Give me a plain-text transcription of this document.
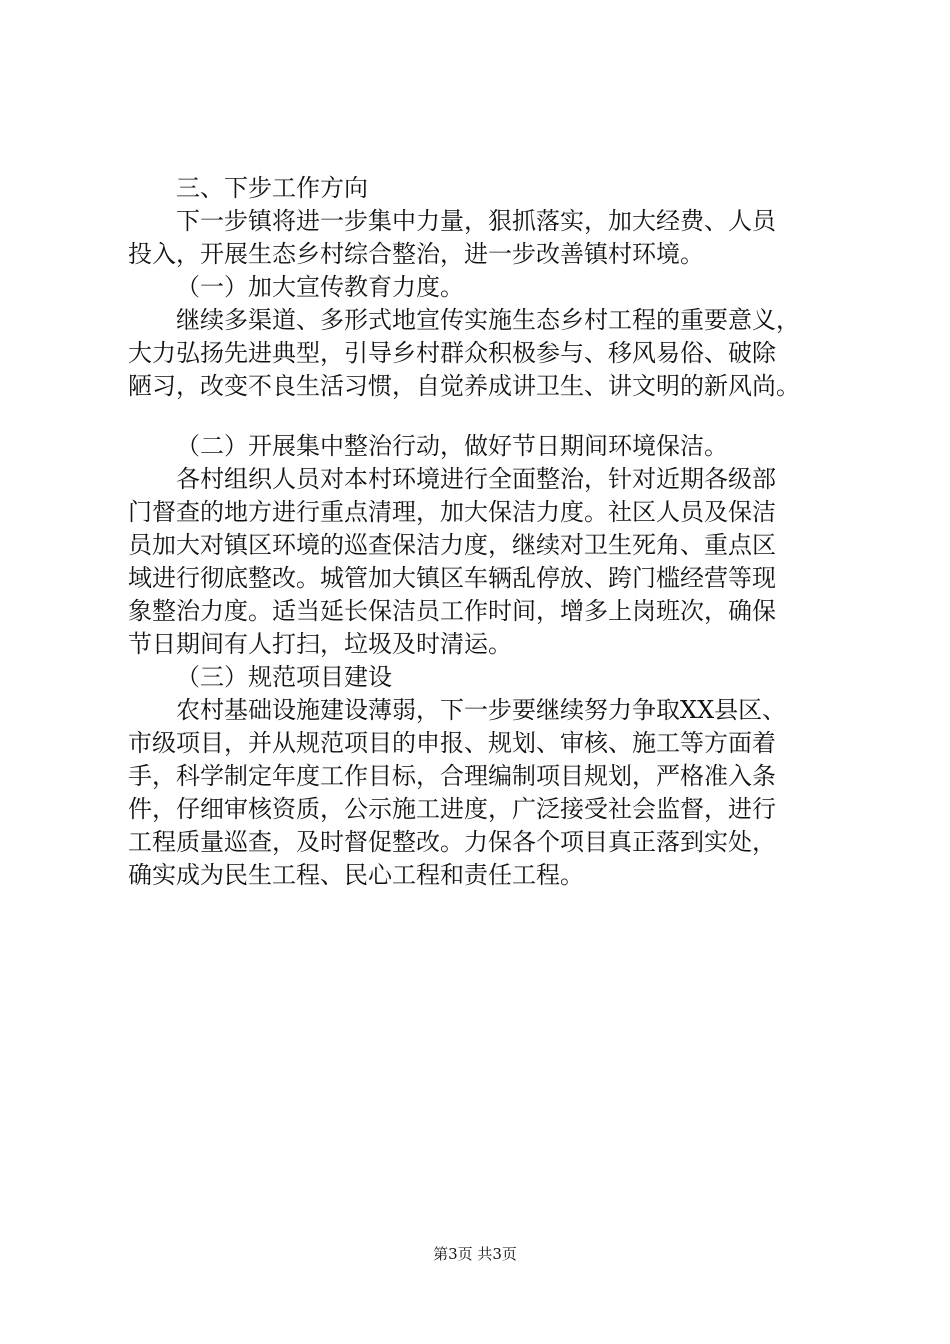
三、下步工作方向
下一步镇将进一步集中力量，狠抓落实，加大经费、人员
投入，开展生态乡村综合整治，进一步改善镇村环境。
（一）加大宣传教育力度。
继续多渠道、多形式地宣传实施生态乡村工程的重要意义，
大力弘扬先进典型，引导乡村群众积极参与、移风易俗、破除
陋习，改变不良生活习惯，自觉养成讲卫生、讲文明的新风尚。
（二）开展集中整治行动，做好节日期间环境保洁。
各村组织人员对本村环境进行全面整治，针对近期各级部
门督查的地方进行重点清理，加大保洁力度。社区人员及保洁
员加大对镇区环境的巡查保洁力度，继续对卫生死角、重点区
域进行彻底整改。城管加大镇区车辆乱停放、跨门槛经营等现
象整治力度。适当延长保洁员工作时间，增多上岗班次，确保
节日期间有人打扫，垃圾及时清运。
（三）规范项目建设
农村基础设施建设薄弱，下一步要继续努力争取XX县区、
市级项目，并从规范项目的申报、规划、审核、施工等方面着
手，科学制定年度工作目标，合理编制项目规划，严格准入条
件，仔细审核资质，公示施工进度，广泛接受社会监督，进行
工程质量巡查，及时督促整改。力保各个项目真正落到实处，
确实成为民生工程、民心工程和责任工程。
第3页 共3页
